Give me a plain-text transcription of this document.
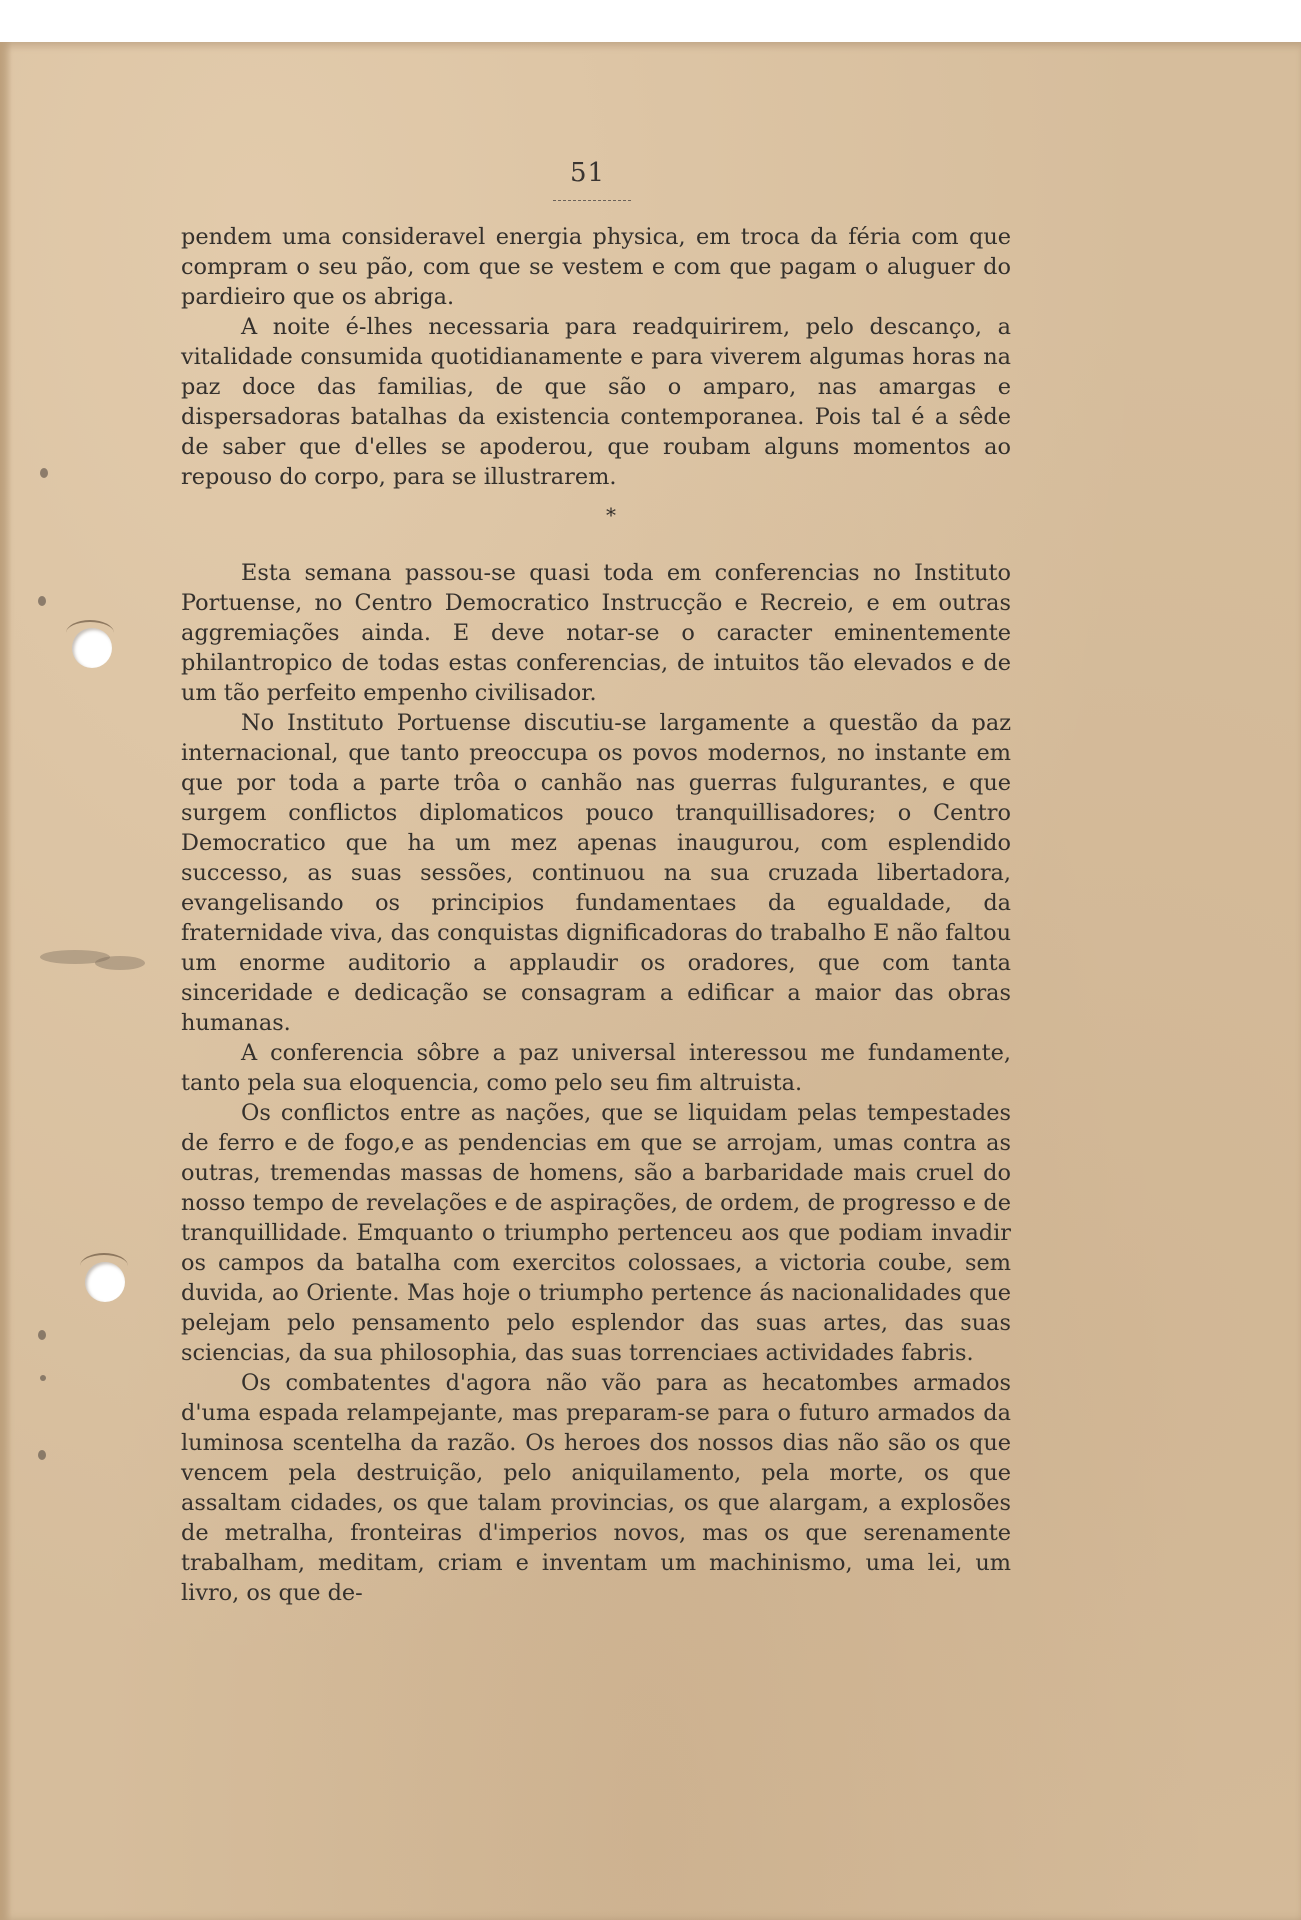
51

pendem uma consideravel energia physica, em troca da féria com que compram o seu pão, com que se vestem e com que pagam o aluguer do pardieiro que os abriga.

A noite é-lhes necessaria para readquirirem, pelo descanço, a vitalidade consumida quotidianamente e para viverem algumas horas na paz doce das familias, de que são o amparo, nas amargas e dispersadoras batalhas da existencia contemporanea. Pois tal é a sêde de saber que d'elles se apoderou, que roubam alguns momentos ao repouso do corpo, para se illustrarem.

*

Esta semana passou-se quasi toda em conferencias no Instituto Portuense, no Centro Democratico Instrucção e Recreio, e em outras aggremiações ainda. E deve notar-se o caracter eminentemente philantropico de todas estas conferencias, de intuitos tão elevados e de um tão perfeito empenho civilisador.

No Instituto Portuense discutiu-se largamente a questão da paz internacional, que tanto preoccupa os povos modernos, no instante em que por toda a parte trôa o canhão nas guerras fulgurantes, e que surgem conflictos diplomaticos pouco tranquillisadores; o Centro Democratico que ha um mez apenas inaugurou, com esplendido successo, as suas sessões, continuou na sua cruzada libertadora, evangelisando os principios fundamentaes da egualdade, da fraternidade viva, das conquistas dignificadoras do trabalho E não faltou um enorme auditorio a applaudir os oradores, que com tanta sinceridade e dedicação se consagram a edificar a maior das obras humanas.

A conferencia sôbre a paz universal interessou me fundamente, tanto pela sua eloquencia, como pelo seu fim altruista.

Os conflictos entre as nações, que se liquidam pelas tempestades de ferro e de fogo,e as pendencias em que se arrojam, umas contra as outras, tremendas massas de homens, são a barbaridade mais cruel do nosso tempo de revelações e de aspirações, de ordem, de progresso e de tranquillidade. Emquanto o triumpho pertenceu aos que podiam invadir os campos da batalha com exercitos colossaes, a victoria coube, sem duvida, ao Oriente. Mas hoje o triumpho pertence ás nacionalidades que pelejam pelo pensamento pelo esplendor das suas artes, das suas sciencias, da sua philosophia, das suas torrenciaes actividades fabris.

Os combatentes d'agora não vão para as hecatombes armados d'uma espada relampejante, mas preparam-se para o futuro armados da luminosa scentelha da razão. Os heroes dos nossos dias não são os que vencem pela destruição, pelo aniquilamento, pela morte, os que assaltam cidades, os que talam provincias, os que alargam, a explosões de metralha, fronteiras d'imperios novos, mas os que serenamente trabalham, meditam, criam e inventam um machinismo, uma lei, um livro, os que de-
